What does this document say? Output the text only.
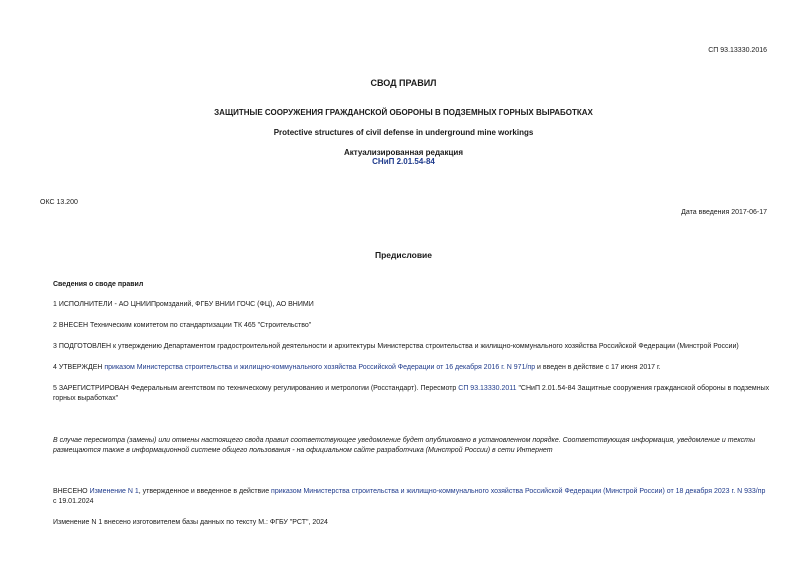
СП 93.13330.2016
СВОД ПРАВИЛ
ЗАЩИТНЫЕ СООРУЖЕНИЯ ГРАЖДАНСКОЙ ОБОРОНЫ В ПОДЗЕМНЫХ ГОРНЫХ ВЫРАБОТКАХ
Protective structures of civil defense in underground mine workings
Актуализированная редакция
СНиП 2.01.54-84
ОКС 13.200
Дата введения 2017-06-17
Предисловие
Сведения о своде правил
1 ИСПОЛНИТЕЛИ - АО ЦНИИПромзданий, ФГБУ ВНИИ ГОЧС (ФЦ), АО ВНИМИ
2 ВНЕСЕН Техническим комитетом по стандартизации ТК 465 "Строительство"
3 ПОДГОТОВЛЕН к утверждению Департаментом градостроительной деятельности и архитектуры Министерства строительства и жилищно-коммунального хозяйства Российской Федерации (Минстрой России)
4 УТВЕРЖДЕН приказом Министерства строительства и жилищно-коммунального хозяйства Российской Федерации от 16 декабря 2016 г. N 971/пр и введен в действие с 17 июня 2017 г.
5 ЗАРЕГИСТРИРОВАН Федеральным агентством по техническому регулированию и метрологии (Росстандарт). Пересмотр СП 93.13330.2011 "СНиП 2.01.54-84 Защитные сооружения гражданской обороны в подземных горных выработках"
В случае пересмотра (замены) или отмены настоящего свода правил соответствующее уведомление будет опубликовано в установленном порядке. Соответствующая информация, уведомление и тексты размещаются также в информационной системе общего пользования - на официальном сайте разработчика (Минстрой России) в сети Интернет
ВНЕСЕНО Изменение N 1, утвержденное и введенное в действие приказом Министерства строительства и жилищно-коммунального хозяйства Российской Федерации (Минстрой России) от 18 декабря 2023 г. N 933/пр с 19.01.2024
Изменение N 1 внесено изготовителем базы данных по тексту М.: ФГБУ "РСТ", 2024
